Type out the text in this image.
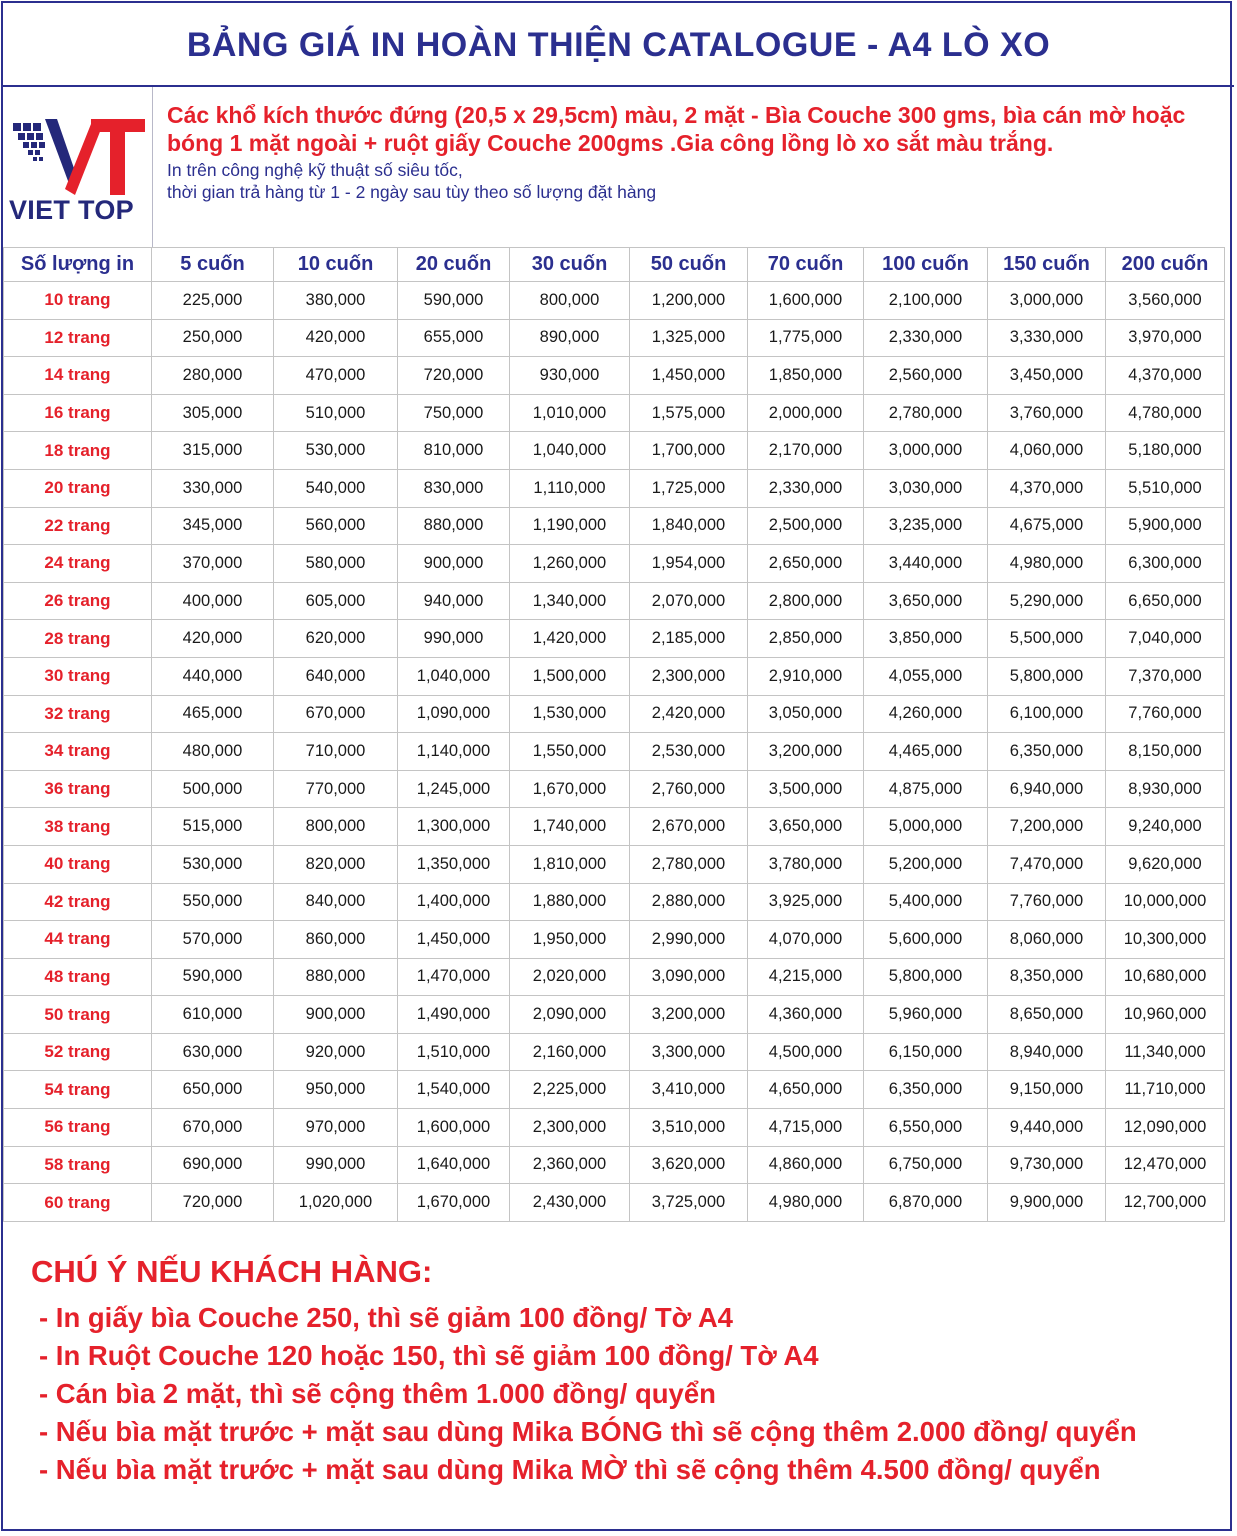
BẢNG GIÁ IN HOÀN THIỆN CATALOGUE - A4 LÒ XO
VIET TOP
Các khổ kích thước đứng (20,5 x 29,5cm) màu, 2 mặt - Bìa Couche 300 gms, bìa cán mờ hoặc bóng 1 mặt ngoài + ruột giấy Couche 200gms .Gia công lồng lò xo sắt màu trắng.
In trên công nghệ kỹ thuật số siêu tốc,
thời gian trả hàng từ 1 - 2 ngày sau tùy theo số lượng đặt hàng
Số lượng in	5 cuốn	10 cuốn	20 cuốn	30 cuốn	50 cuốn	70 cuốn	100 cuốn	150 cuốn	200 cuốn
10 trang	225,000	380,000	590,000	800,000	1,200,000	1,600,000	2,100,000	3,000,000	3,560,000
12 trang	250,000	420,000	655,000	890,000	1,325,000	1,775,000	2,330,000	3,330,000	3,970,000
14 trang	280,000	470,000	720,000	930,000	1,450,000	1,850,000	2,560,000	3,450,000	4,370,000
16 trang	305,000	510,000	750,000	1,010,000	1,575,000	2,000,000	2,780,000	3,760,000	4,780,000
18 trang	315,000	530,000	810,000	1,040,000	1,700,000	2,170,000	3,000,000	4,060,000	5,180,000
20 trang	330,000	540,000	830,000	1,110,000	1,725,000	2,330,000	3,030,000	4,370,000	5,510,000
22 trang	345,000	560,000	880,000	1,190,000	1,840,000	2,500,000	3,235,000	4,675,000	5,900,000
24 trang	370,000	580,000	900,000	1,260,000	1,954,000	2,650,000	3,440,000	4,980,000	6,300,000
26 trang	400,000	605,000	940,000	1,340,000	2,070,000	2,800,000	3,650,000	5,290,000	6,650,000
28 trang	420,000	620,000	990,000	1,420,000	2,185,000	2,850,000	3,850,000	5,500,000	7,040,000
30 trang	440,000	640,000	1,040,000	1,500,000	2,300,000	2,910,000	4,055,000	5,800,000	7,370,000
32 trang	465,000	670,000	1,090,000	1,530,000	2,420,000	3,050,000	4,260,000	6,100,000	7,760,000
34 trang	480,000	710,000	1,140,000	1,550,000	2,530,000	3,200,000	4,465,000	6,350,000	8,150,000
36 trang	500,000	770,000	1,245,000	1,670,000	2,760,000	3,500,000	4,875,000	6,940,000	8,930,000
38 trang	515,000	800,000	1,300,000	1,740,000	2,670,000	3,650,000	5,000,000	7,200,000	9,240,000
40 trang	530,000	820,000	1,350,000	1,810,000	2,780,000	3,780,000	5,200,000	7,470,000	9,620,000
42 trang	550,000	840,000	1,400,000	1,880,000	2,880,000	3,925,000	5,400,000	7,760,000	10,000,000
44 trang	570,000	860,000	1,450,000	1,950,000	2,990,000	4,070,000	5,600,000	8,060,000	10,300,000
48 trang	590,000	880,000	1,470,000	2,020,000	3,090,000	4,215,000	5,800,000	8,350,000	10,680,000
50 trang	610,000	900,000	1,490,000	2,090,000	3,200,000	4,360,000	5,960,000	8,650,000	10,960,000
52 trang	630,000	920,000	1,510,000	2,160,000	3,300,000	4,500,000	6,150,000	8,940,000	11,340,000
54 trang	650,000	950,000	1,540,000	2,225,000	3,410,000	4,650,000	6,350,000	9,150,000	11,710,000
56 trang	670,000	970,000	1,600,000	2,300,000	3,510,000	4,715,000	6,550,000	9,440,000	12,090,000
58 trang	690,000	990,000	1,640,000	2,360,000	3,620,000	4,860,000	6,750,000	9,730,000	12,470,000
60 trang	720,000	1,020,000	1,670,000	2,430,000	3,725,000	4,980,000	6,870,000	9,900,000	12,700,000
CHÚ Ý NẾU KHÁCH HÀNG:
- In giấy bìa Couche 250, thì sẽ giảm 100 đồng/ Tờ A4
- In Ruột Couche 120 hoặc 150, thì sẽ giảm 100 đồng/ Tờ A4
- Cán bìa 2 mặt, thì sẽ cộng thêm 1.000 đồng/ quyển
- Nếu bìa mặt trước + mặt sau dùng Mika BÓNG thì sẽ cộng thêm 2.000 đồng/ quyển
- Nếu bìa mặt trước + mặt sau dùng Mika MỜ thì sẽ cộng thêm 4.500 đồng/ quyển
